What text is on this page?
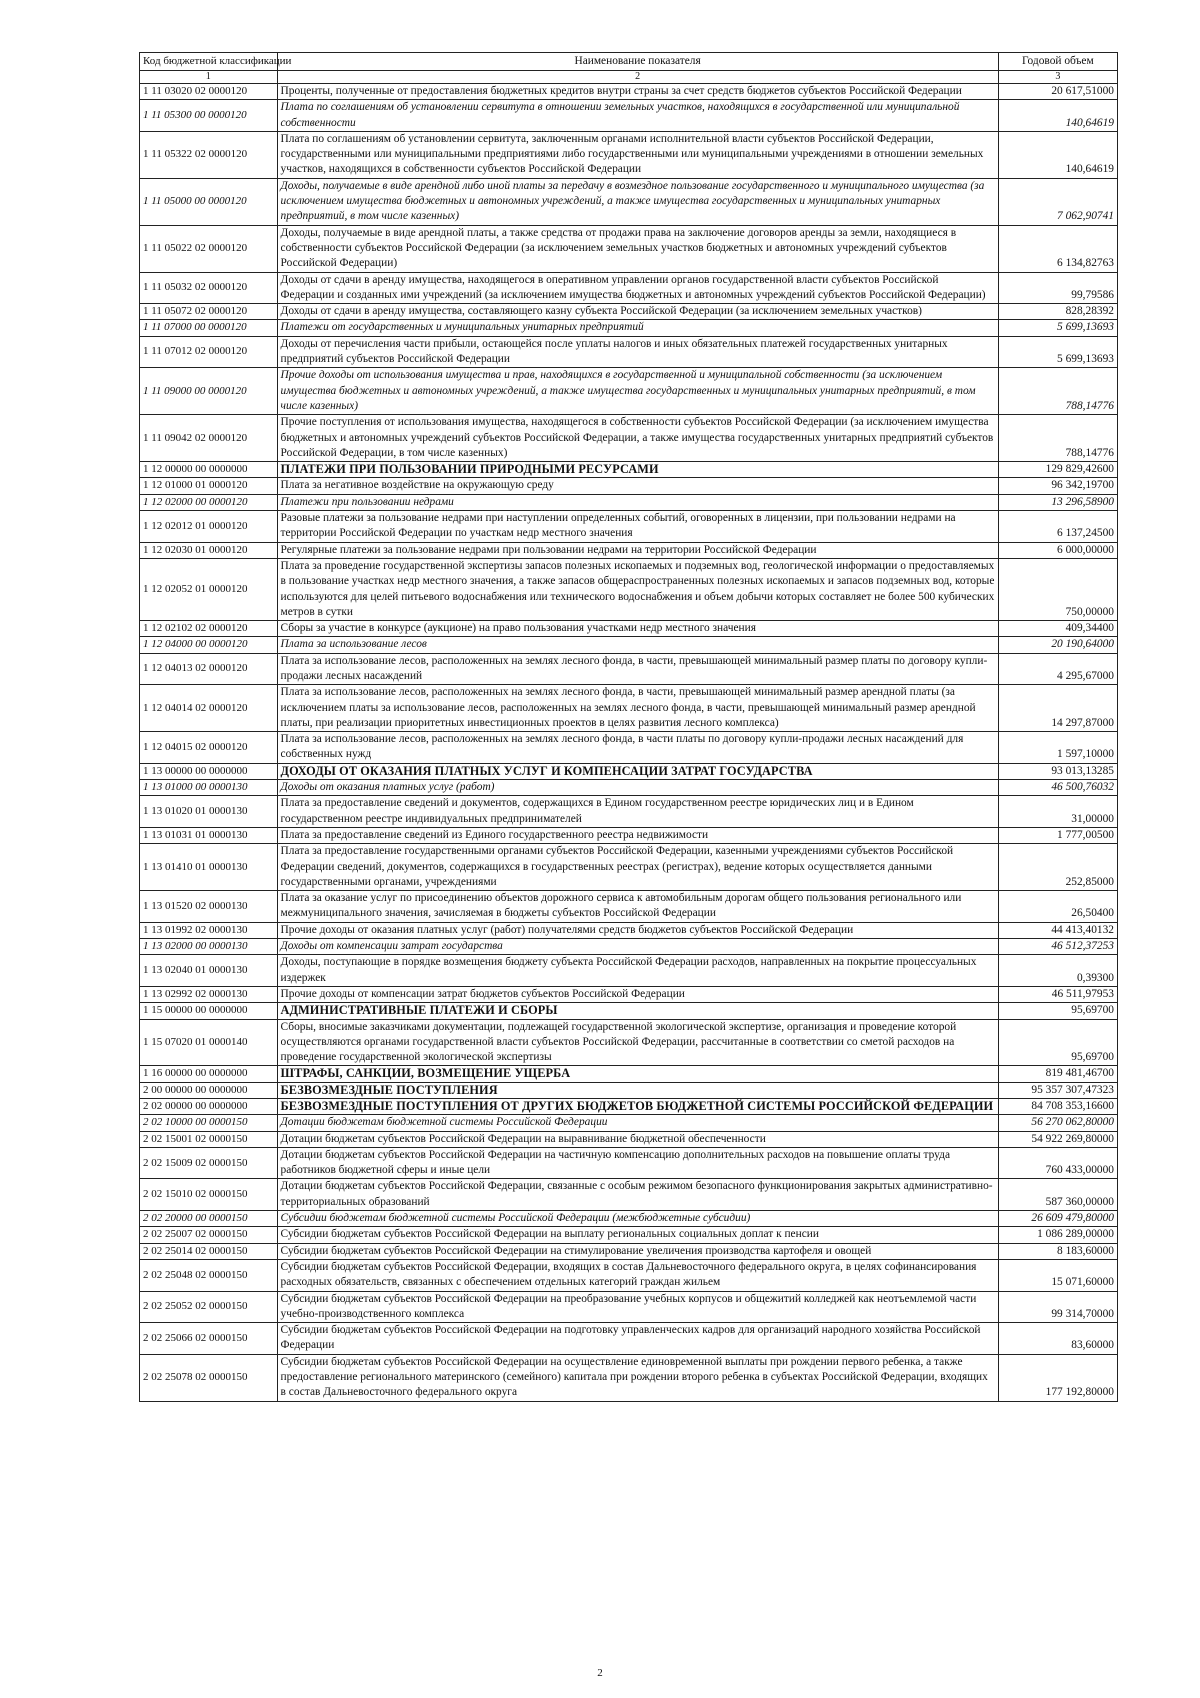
Код бюджетной классификации	Наименование показателя	Годовой объем
1	2	3
1 11 03020 02 0000120	Проценты, полученные от предоставления бюджетных кредитов внутри страны за счет средств бюджетов субъектов Российской Федерации	20 617,51000
1 11 05300 00 0000120	Плата по соглашениям об установлении сервитута в отношении земельных участков, находящихся в государственной или муниципальной собственности	140,64619
1 11 05322 02 0000120	Плата по соглашениям об установлении сервитута, заключенным органами исполнительной власти субъектов Российской Федерации, государственными или муниципальными предприятиями либо государственными или муниципальными учреждениями в отношении земельных участков, находящихся в собственности субъектов Российской Федерации	140,64619
1 11 05000 00 0000120	Доходы, получаемые в виде арендной либо иной платы за передачу в возмездное пользование государственного и муниципального имущества (за исключением имущества бюджетных и автономных учреждений, а также имущества государственных и муниципальных унитарных предприятий, в том числе казенных)	7 062,90741
1 11 05022 02 0000120	Доходы, получаемые в виде арендной платы, а также средства от продажи права на заключение договоров аренды за земли, находящиеся в собственности субъектов Российской Федерации (за исключением земельных участков бюджетных и автономных учреждений субъектов Российской Федерации)	6 134,82763
1 11 05032 02 0000120	Доходы от сдачи в аренду имущества, находящегося в оперативном управлении органов государственной власти субъектов Российской Федерации и созданных ими учреждений (за исключением имущества бюджетных и автономных учреждений субъектов Российской Федерации)	99,79586
1 11 05072 02 0000120	Доходы от сдачи в аренду имущества, составляющего казну субъекта Российской Федерации (за исключением земельных участков)	828,28392
1 11 07000 00 0000120	Платежи от государственных и муниципальных унитарных предприятий	5 699,13693
1 11 07012 02 0000120	Доходы от перечисления части прибыли, остающейся после уплаты налогов и иных обязательных платежей государственных унитарных предприятий субъектов Российской Федерации	5 699,13693
1 11 09000 00 0000120	Прочие доходы от использования имущества и прав, находящихся в государственной и муниципальной собственности (за исключением имущества бюджетных и автономных учреждений, а также имущества государственных и муниципальных унитарных предприятий, в том числе казенных)	788,14776
1 11 09042 02 0000120	Прочие поступления от использования имущества, находящегося в собственности субъектов Российской Федерации (за исключением имущества бюджетных и автономных учреждений субъектов Российской Федерации, а также имущества государственных унитарных предприятий субъектов Российской Федерации, в том числе казенных)	788,14776
1 12 00000 00 0000000	ПЛАТЕЖИ ПРИ ПОЛЬЗОВАНИИ ПРИРОДНЫМИ РЕСУРСАМИ	129 829,42600
1 12 01000 01 0000120	Плата за негативное воздействие на окружающую среду	96 342,19700
1 12 02000 00 0000120	Платежи при пользовании недрами	13 296,58900
1 12 02012 01 0000120	Разовые платежи за пользование недрами при наступлении определенных событий, оговоренных в лицензии, при пользовании недрами на территории Российской Федерации по участкам недр местного значения	6 137,24500
1 12 02030 01 0000120	Регулярные платежи за пользование недрами при пользовании недрами на территории Российской Федерации	6 000,00000
1 12 02052 01 0000120	Плата за проведение государственной экспертизы запасов полезных ископаемых и подземных вод, геологической информации о предоставляемых в пользование участках недр местного значения, а также запасов общераспространенных полезных ископаемых и запасов подземных вод, которые используются для целей питьевого водоснабжения или технического водоснабжения и объем добычи которых составляет не более 500 кубических метров в сутки	750,00000
1 12 02102 02 0000120	Сборы за участие в конкурсе (аукционе) на право пользования участками недр местного значения	409,34400
1 12 04000 00 0000120	Плата за использование лесов	20 190,64000
1 12 04013 02 0000120	Плата за использование лесов, расположенных на землях лесного фонда, в части, превышающей минимальный размер платы по договору купли-продажи лесных насаждений	4 295,67000
1 12 04014 02 0000120	Плата за использование лесов, расположенных на землях лесного фонда, в части, превышающей минимальный размер арендной платы (за исключением платы за использование лесов, расположенных на землях лесного фонда, в части, превышающей минимальный размер арендной платы, при реализации приоритетных инвестиционных проектов в целях развития лесного комплекса)	14 297,87000
1 12 04015 02 0000120	Плата за использование лесов, расположенных на землях лесного фонда, в части платы по договору купли-продажи лесных насаждений для собственных нужд	1 597,10000
1 13 00000 00 0000000	ДОХОДЫ ОТ ОКАЗАНИЯ ПЛАТНЫХ УСЛУГ И КОМПЕНСАЦИИ ЗАТРАТ ГОСУДАРСТВА	93 013,13285
1 13 01000 00 0000130	Доходы от оказания платных услуг (работ)	46 500,76032
1 13 01020 01 0000130	Плата за предоставление сведений и документов, содержащихся в Едином государственном реестре юридических лиц и в Едином государственном реестре индивидуальных предпринимателей	31,00000
1 13 01031 01 0000130	Плата за предоставление сведений из Единого государственного реестра недвижимости	1 777,00500
1 13 01410 01 0000130	Плата за предоставление государственными органами субъектов Российской Федерации, казенными учреждениями субъектов Российской Федерации сведений, документов, содержащихся в государственных реестрах (регистрах), ведение которых осуществляется данными государственными органами, учреждениями	252,85000
1 13 01520 02 0000130	Плата за оказание услуг по присоединению объектов дорожного сервиса к автомобильным дорогам общего пользования регионального или межмуниципального значения, зачисляемая в бюджеты субъектов Российской Федерации	26,50400
1 13 01992 02 0000130	Прочие доходы от оказания платных услуг (работ) получателями средств бюджетов субъектов Российской Федерации	44 413,40132
1 13 02000 00 0000130	Доходы от компенсации затрат государства	46 512,37253
1 13 02040 01 0000130	Доходы, поступающие в порядке возмещения бюджету субъекта Российской Федерации расходов, направленных на покрытие процессуальных издержек	0,39300
1 13 02992 02 0000130	Прочие доходы от компенсации затрат бюджетов субъектов Российской Федерации	46 511,97953
1 15 00000 00 0000000	АДМИНИСТРАТИВНЫЕ ПЛАТЕЖИ И СБОРЫ	95,69700
1 15 07020 01 0000140	Сборы, вносимые заказчиками документации, подлежащей государственной экологической экспертизе, организация и проведение которой осуществляются органами государственной власти субъектов Российской Федерации, рассчитанные в соответствии со сметой расходов на проведение государственной экологической экспертизы	95,69700
1 16 00000 00 0000000	ШТРАФЫ, САНКЦИИ, ВОЗМЕЩЕНИЕ УЩЕРБА	819 481,46700
2 00 00000 00 0000000	БЕЗВОЗМЕЗДНЫЕ ПОСТУПЛЕНИЯ	95 357 307,47323
2 02 00000 00 0000000	БЕЗВОЗМЕЗДНЫЕ ПОСТУПЛЕНИЯ ОТ ДРУГИХ БЮДЖЕТОВ БЮДЖЕТНОЙ СИСТЕМЫ РОССИЙСКОЙ ФЕДЕРАЦИИ	84 708 353,16600
2 02 10000 00 0000150	Дотации бюджетам бюджетной системы Российской Федерации	56 270 062,80000
2 02 15001 02 0000150	Дотации бюджетам субъектов Российской Федерации на выравнивание бюджетной обеспеченности	54 922 269,80000
2 02 15009 02 0000150	Дотации бюджетам субъектов Российской Федерации на частичную компенсацию дополнительных расходов на повышение оплаты труда работников бюджетной сферы и иные цели	760 433,00000
2 02 15010 02 0000150	Дотации бюджетам субъектов Российской Федерации, связанные с особым режимом безопасного функционирования закрытых административно-территориальных образований	587 360,00000
2 02 20000 00 0000150	Субсидии бюджетам бюджетной системы Российской Федерации (межбюджетные субсидии)	26 609 479,80000
2 02 25007 02 0000150	Субсидии бюджетам субъектов Российской Федерации на выплату региональных социальных доплат к пенсии	1 086 289,00000
2 02 25014 02 0000150	Субсидии бюджетам субъектов Российской Федерации на стимулирование увеличения производства картофеля и овощей	8 183,60000
2 02 25048 02 0000150	Субсидии бюджетам субъектов Российской Федерации, входящих в состав Дальневосточного федерального округа, в целях софинансирования расходных обязательств, связанных с обеспечением отдельных категорий граждан жильем	15 071,60000
2 02 25052 02 0000150	Субсидии бюджетам субъектов Российской Федерации на преобразование учебных корпусов и общежитий колледжей как неотъемлемой части учебно-производственного комплекса	99 314,70000
2 02 25066 02 0000150	Субсидии бюджетам субъектов Российской Федерации на подготовку управленческих кадров для организаций народного хозяйства Российской Федерации	83,60000
2 02 25078 02 0000150	Субсидии бюджетам субъектов Российской Федерации на осуществление единовременной выплаты при рождении первого ребенка, а также предоставление регионального материнского (семейного) капитала при рождении второго ребенка в субъектах Российской Федерации, входящих в состав Дальневосточного федерального округа	177 192,80000
2
